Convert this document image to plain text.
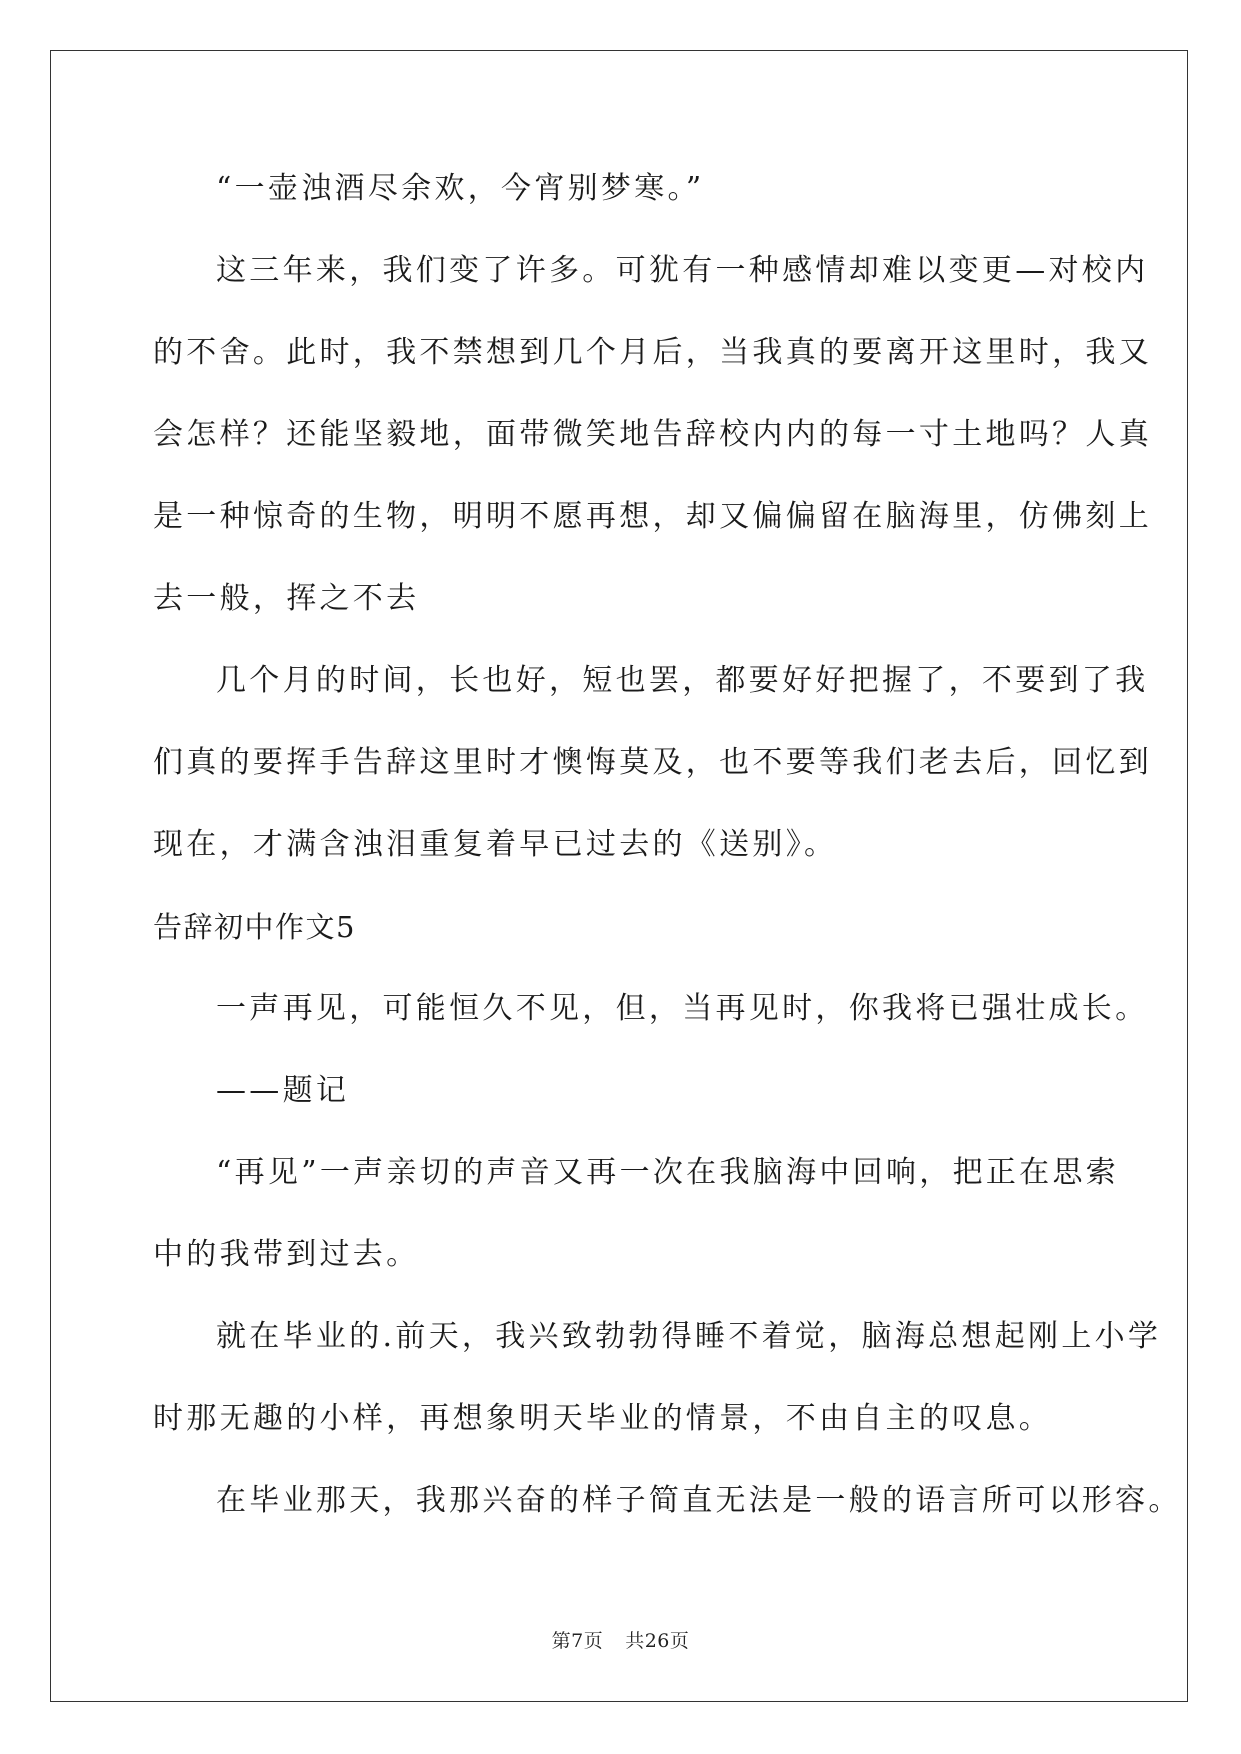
“一壶浊酒尽余欢，今宵别梦寒。”
这三年来，我们变了许多。可犹有一种感情却难以变更—对校内
的不舍。此时，我不禁想到几个月后，当我真的要离开这里时，我又
会怎样？还能坚毅地，面带微笑地告辞校内内的每一寸土地吗？人真
是一种惊奇的生物，明明不愿再想，却又偏偏留在脑海里，仿佛刻上
去一般，挥之不去
几个月的时间，长也好，短也罢，都要好好把握了，不要到了我
们真的要挥手告辞这里时才懊悔莫及，也不要等我们老去后，回忆到
现在，才满含浊泪重复着早已过去的《送别》。
告辞初中作文5
一声再见，可能恒久不见，但，当再见时，你我将已强壮成长。
——题记
“再见”一声亲切的声音又再一次在我脑海中回响，把正在思索
中的我带到过去。
就在毕业的.前天，我兴致勃勃得睡不着觉，脑海总想起刚上小学
时那无趣的小样，再想象明天毕业的情景，不由自主的叹息。
在毕业那天，我那兴奋的样子简直无法是一般的语言所可以形容。
第7页 共26页
